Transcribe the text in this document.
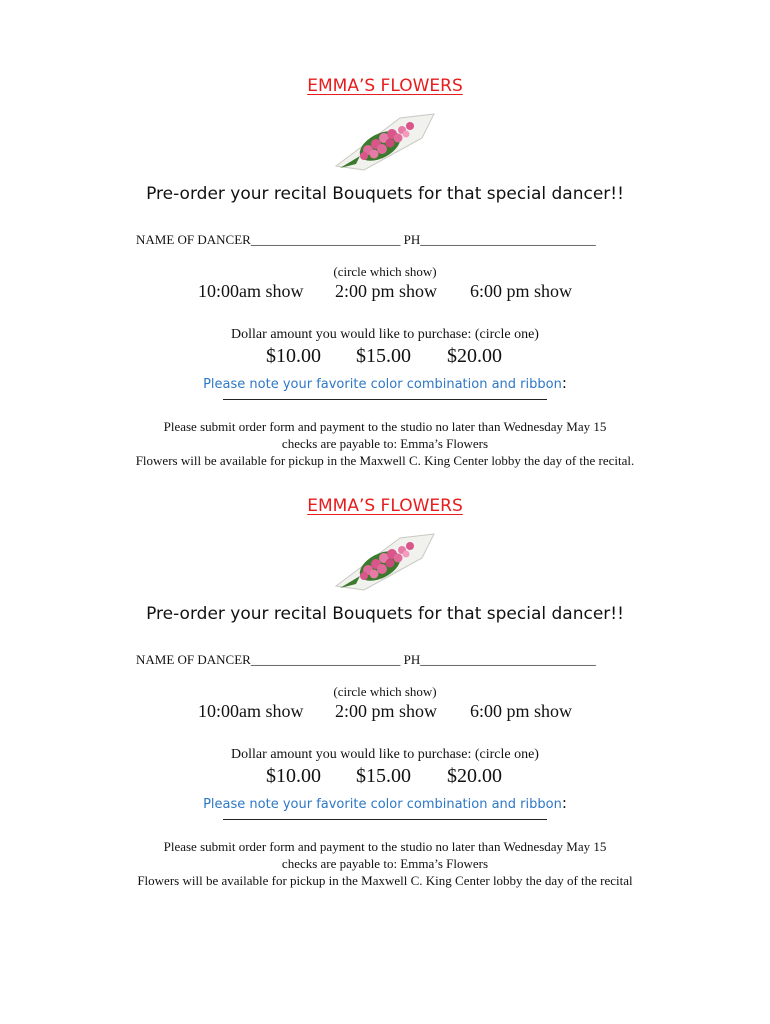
EMMA’S FLOWERS
Pre-order your recital Bouquets for that special dancer!!
NAME OF DANCER_______________________ PH___________________________
(circle which show)
10:00am show 2:00 pm show 6:00 pm show
Dollar amount you would like to purchase: (circle one)
$10.00 $15.00 $20.00
Please note your favorite color combination and ribbon:
Please submit order form and payment to the studio no later than Wednesday May 15
checks are payable to: Emma’s Flowers
Flowers will be available for pickup in the Maxwell C. King Center lobby the day of the recital.
EMMA’S FLOWERS
Pre-order your recital Bouquets for that special dancer!!
NAME OF DANCER_______________________ PH___________________________
(circle which show)
10:00am show 2:00 pm show 6:00 pm show
Dollar amount you would like to purchase: (circle one)
$10.00 $15.00 $20.00
Please note your favorite color combination and ribbon:
Please submit order form and payment to the studio no later than Wednesday May 15
checks are payable to: Emma’s Flowers
Flowers will be available for pickup in the Maxwell C. King Center lobby the day of the recital
